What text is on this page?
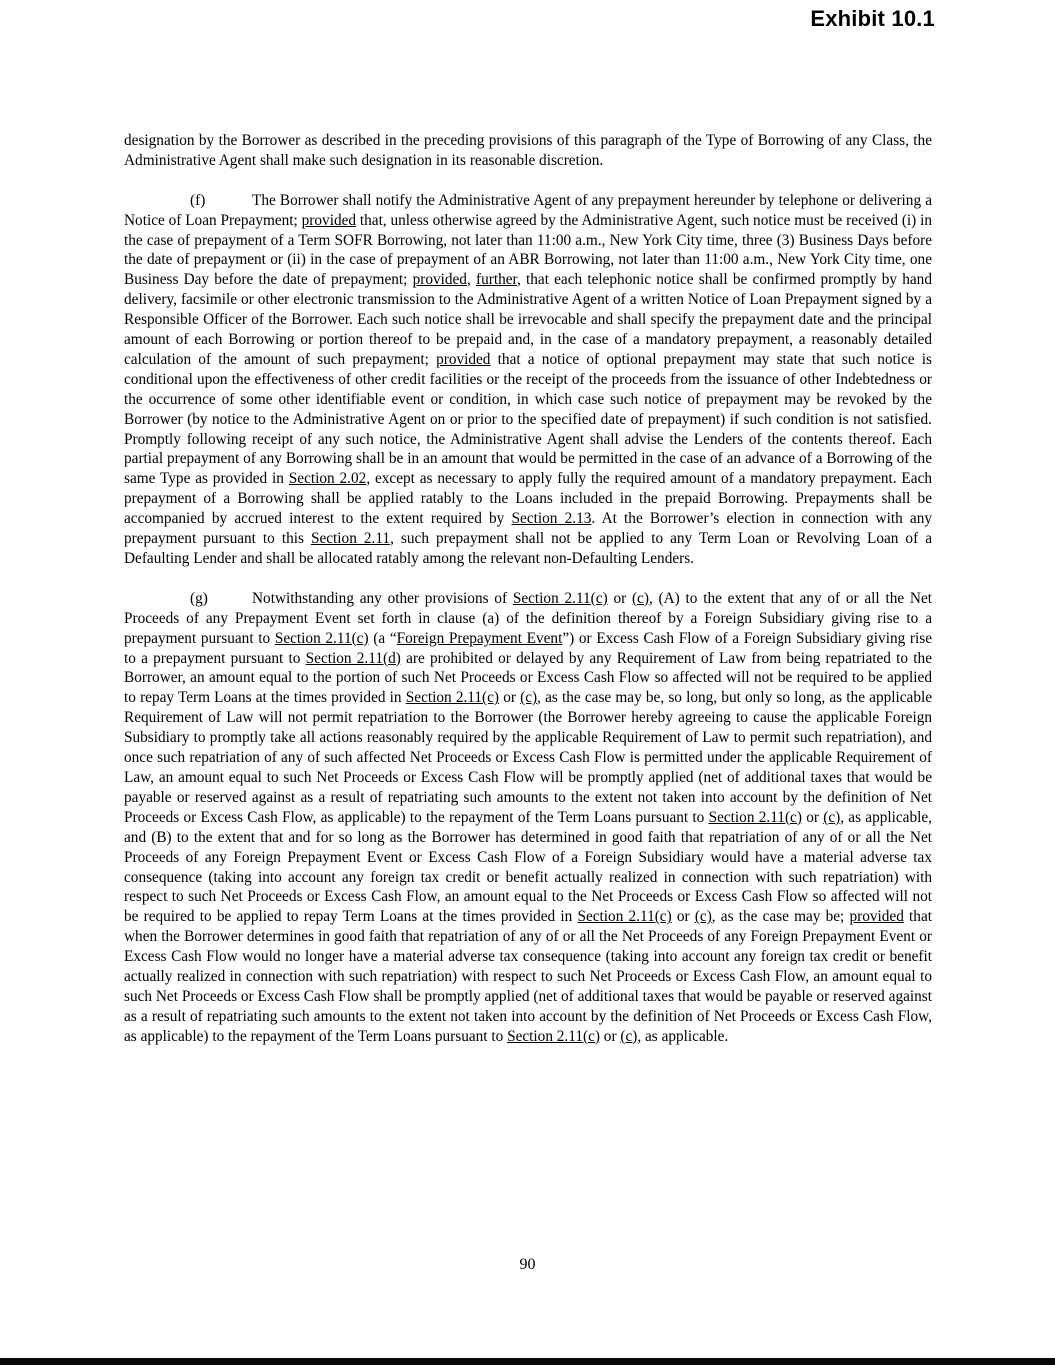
Exhibit 10.1

designation by the Borrower as described in the preceding provisions of this paragraph of the Type of Borrowing of any Class, the Administrative Agent shall make such designation in its reasonable discretion.

(f)	The Borrower shall notify the Administrative Agent of any prepayment hereunder by telephone or delivering a Notice of Loan Prepayment; provided that, unless otherwise agreed by the Administrative Agent, such notice must be received (i) in the case of prepayment of a Term SOFR Borrowing, not later than 11:00 a.m., New York City time, three (3) Business Days before the date of prepayment or (ii) in the case of prepayment of an ABR Borrowing, not later than 11:00 a.m., New York City time, one Business Day before the date of prepayment; provided, further, that each telephonic notice shall be confirmed promptly by hand delivery, facsimile or other electronic transmission to the Administrative Agent of a written Notice of Loan Prepayment signed by a Responsible Officer of the Borrower. Each such notice shall be irrevocable and shall specify the prepayment date and the principal amount of each Borrowing or portion thereof to be prepaid and, in the case of a mandatory prepayment, a reasonably detailed calculation of the amount of such prepayment; provided that a notice of optional prepayment may state that such notice is conditional upon the effectiveness of other credit facilities or the receipt of the proceeds from the issuance of other Indebtedness or the occurrence of some other identifiable event or condition, in which case such notice of prepayment may be revoked by the Borrower (by notice to the Administrative Agent on or prior to the specified date of prepayment) if such condition is not satisfied. Promptly following receipt of any such notice, the Administrative Agent shall advise the Lenders of the contents thereof. Each partial prepayment of any Borrowing shall be in an amount that would be permitted in the case of an advance of a Borrowing of the same Type as provided in Section 2.02, except as necessary to apply fully the required amount of a mandatory prepayment. Each prepayment of a Borrowing shall be applied ratably to the Loans included in the prepaid Borrowing. Prepayments shall be accompanied by accrued interest to the extent required by Section 2.13. At the Borrower’s election in connection with any prepayment pursuant to this Section 2.11, such prepayment shall not be applied to any Term Loan or Revolving Loan of a Defaulting Lender and shall be allocated ratably among the relevant non-Defaulting Lenders.

(g)	Notwithstanding any other provisions of Section 2.11(c) or (c), (A) to the extent that any of or all the Net Proceeds of any Prepayment Event set forth in clause (a) of the definition thereof by a Foreign Subsidiary giving rise to a prepayment pursuant to Section 2.11(c) (a “Foreign Prepayment Event”) or Excess Cash Flow of a Foreign Subsidiary giving rise to a prepayment pursuant to Section 2.11(d) are prohibited or delayed by any Requirement of Law from being repatriated to the Borrower, an amount equal to the portion of such Net Proceeds or Excess Cash Flow so affected will not be required to be applied to repay Term Loans at the times provided in Section 2.11(c) or (c), as the case may be, so long, but only so long, as the applicable Requirement of Law will not permit repatriation to the Borrower (the Borrower hereby agreeing to cause the applicable Foreign Subsidiary to promptly take all actions reasonably required by the applicable Requirement of Law to permit such repatriation), and once such repatriation of any of such affected Net Proceeds or Excess Cash Flow is permitted under the applicable Requirement of Law, an amount equal to such Net Proceeds or Excess Cash Flow will be promptly applied (net of additional taxes that would be payable or reserved against as a result of repatriating such amounts to the extent not taken into account by the definition of Net Proceeds or Excess Cash Flow, as applicable) to the repayment of the Term Loans pursuant to Section 2.11(c) or (c), as applicable, and (B) to the extent that and for so long as the Borrower has determined in good faith that repatriation of any of or all the Net Proceeds of any Foreign Prepayment Event or Excess Cash Flow of a Foreign Subsidiary would have a material adverse tax consequence (taking into account any foreign tax credit or benefit actually realized in connection with such repatriation) with respect to such Net Proceeds or Excess Cash Flow, an amount equal to the Net Proceeds or Excess Cash Flow so affected will not be required to be applied to repay Term Loans at the times provided in Section 2.11(c) or (c), as the case may be; provided that when the Borrower determines in good faith that repatriation of any of or all the Net Proceeds of any Foreign Prepayment Event or Excess Cash Flow would no longer have a material adverse tax consequence (taking into account any foreign tax credit or benefit actually realized in connection with such repatriation) with respect to such Net Proceeds or Excess Cash Flow, an amount equal to such Net Proceeds or Excess Cash Flow shall be promptly applied (net of additional taxes that would be payable or reserved against as a result of repatriating such amounts to the extent not taken into account by the definition of Net Proceeds or Excess Cash Flow, as applicable) to the repayment of the Term Loans pursuant to Section 2.11(c) or (c), as applicable.

90
